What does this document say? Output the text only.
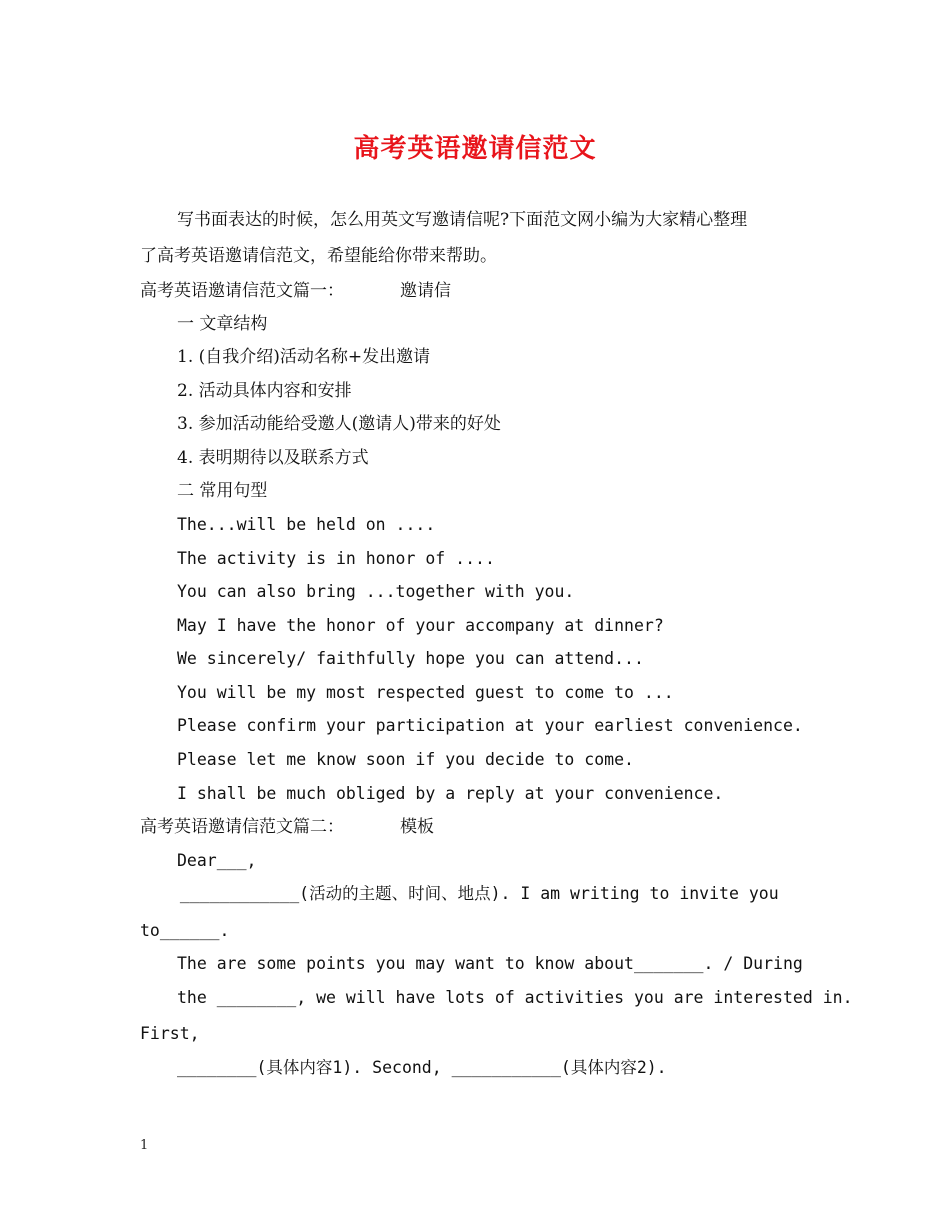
高考英语邀请信范文
写书面表达的时候，怎么用英文写邀请信呢?下面范文网小编为大家精心整理
了高考英语邀请信范文，希望能给你带来帮助。
高考英语邀请信范文篇一：	邀请信
一 文章结构
1. (自我介绍)活动名称+发出邀请
2. 活动具体内容和安排
3. 参加活动能给受邀人(邀请人)带来的好处
4. 表明期待以及联系方式
二 常用句型
The...will be held on ....
The activity is in honor of ....
You can also bring ...together with you.
May I have the honor of your accompany at dinner?
We sincerely/ faithfully hope you can attend...
You will be my most respected guest to come to ...
Please confirm your participation at your earliest convenience.
Please let me know soon if you decide to come.
I shall be much obliged by a reply at your convenience.
高考英语邀请信范文篇二：	模板
Dear___,
____________(活动的主题、时间、地点). I am writing to invite you
to______.
The are some points you may want to know about_______. / During
the ________, we will have lots of activities you are interested in.
First,
________(具体内容1). Second, ___________(具体内容2).
1
